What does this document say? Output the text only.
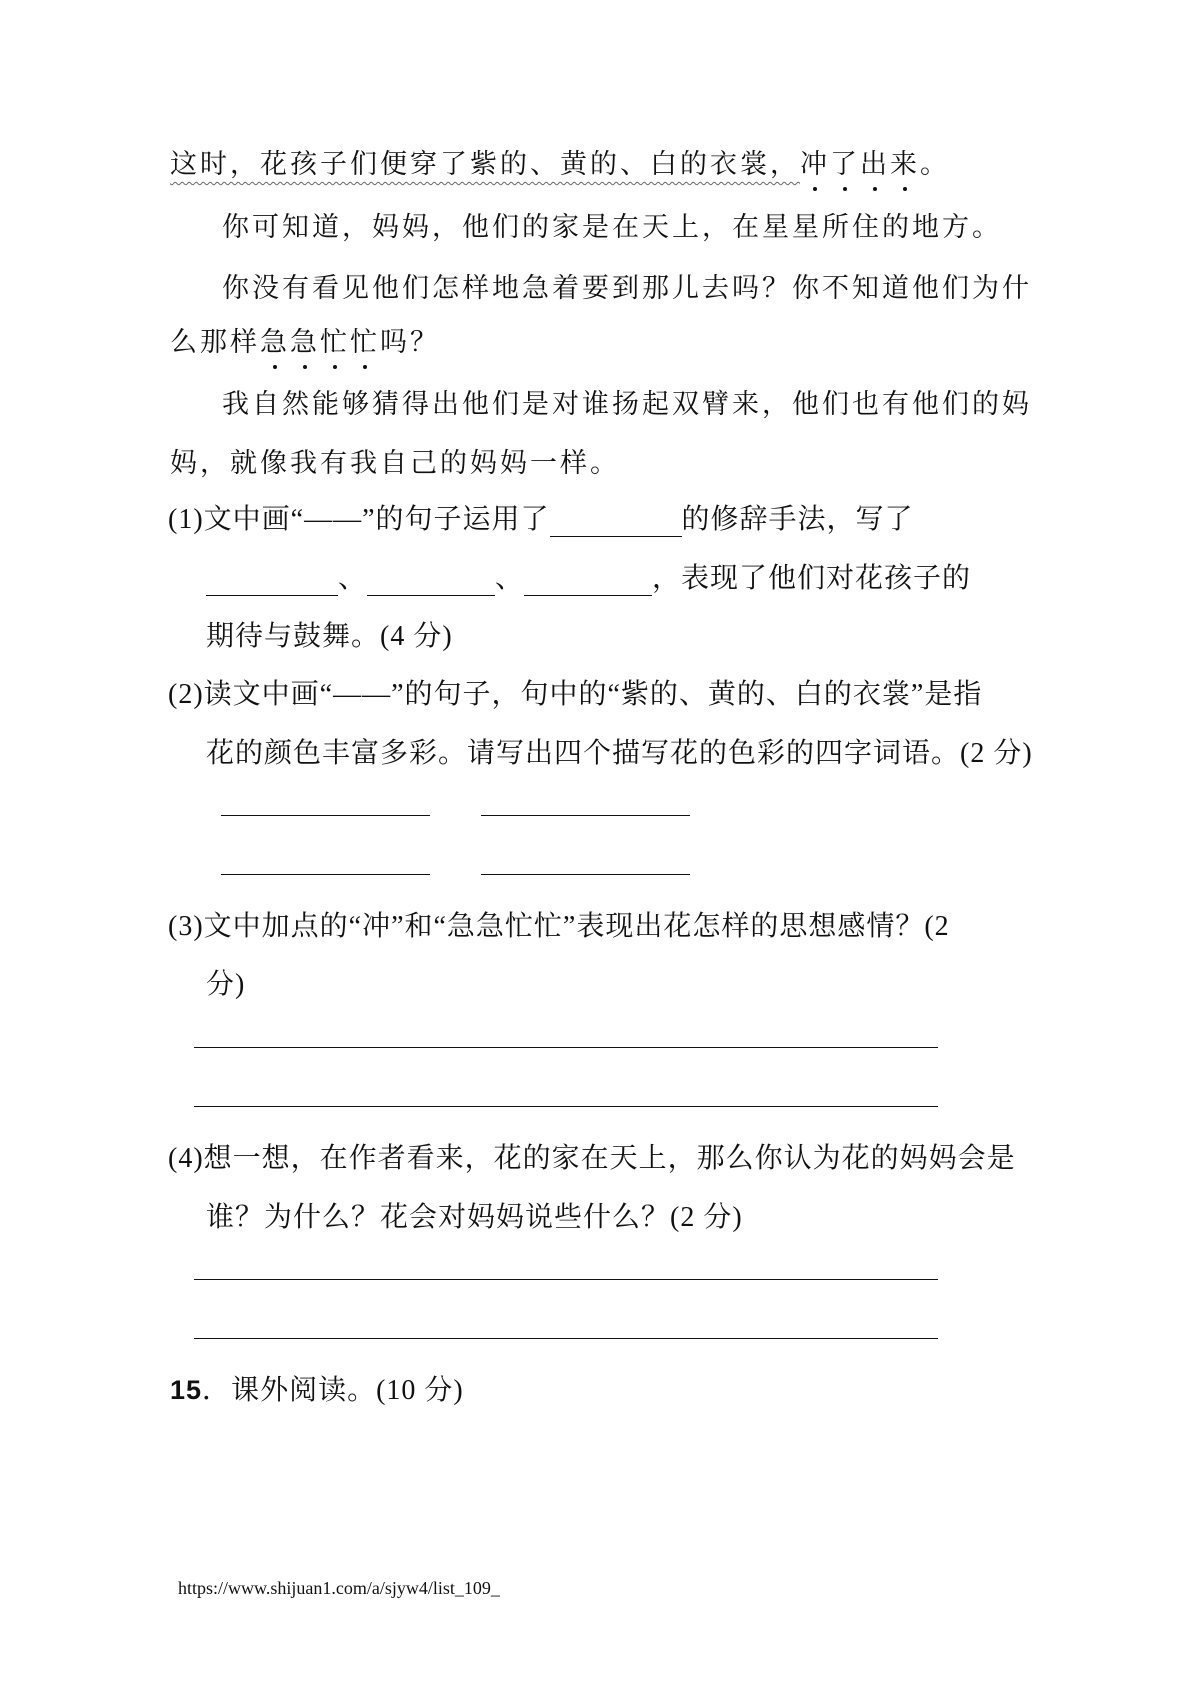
这时，花孩子们便穿了紫的、黄的、白的衣裳，冲了出来。
你可知道，妈妈，他们的家是在天上，在星星所住的地方。
你没有看见他们怎样地急着要到那儿去吗？你不知道他们为什
么那样急急忙忙吗？
我自然能够猜得出他们是对谁扬起双臂来，他们也有他们的妈
妈，就像我有我自己的妈妈一样。
(1)文中画“——”的句子运用了	的修辞手法，写了
、	、	，表现了他们对花孩子的
期待与鼓舞。(4 分)
(2)读文中画“——”的句子，句中的“紫的、黄的、白的衣裳”是指
花的颜色丰富多彩。请写出四个描写花的色彩的四字词语。(2 分)
(3)文中加点的“冲”和“急急忙忙”表现出花怎样的思想感情？(2
分)
(4)想一想，在作者看来，花的家在天上，那么你认为花的妈妈会是
谁？为什么？花会对妈妈说些什么？(2 分)
15．课外阅读。(10 分)
https://www.shijuan1.com/a/sjyw4/list_109_
